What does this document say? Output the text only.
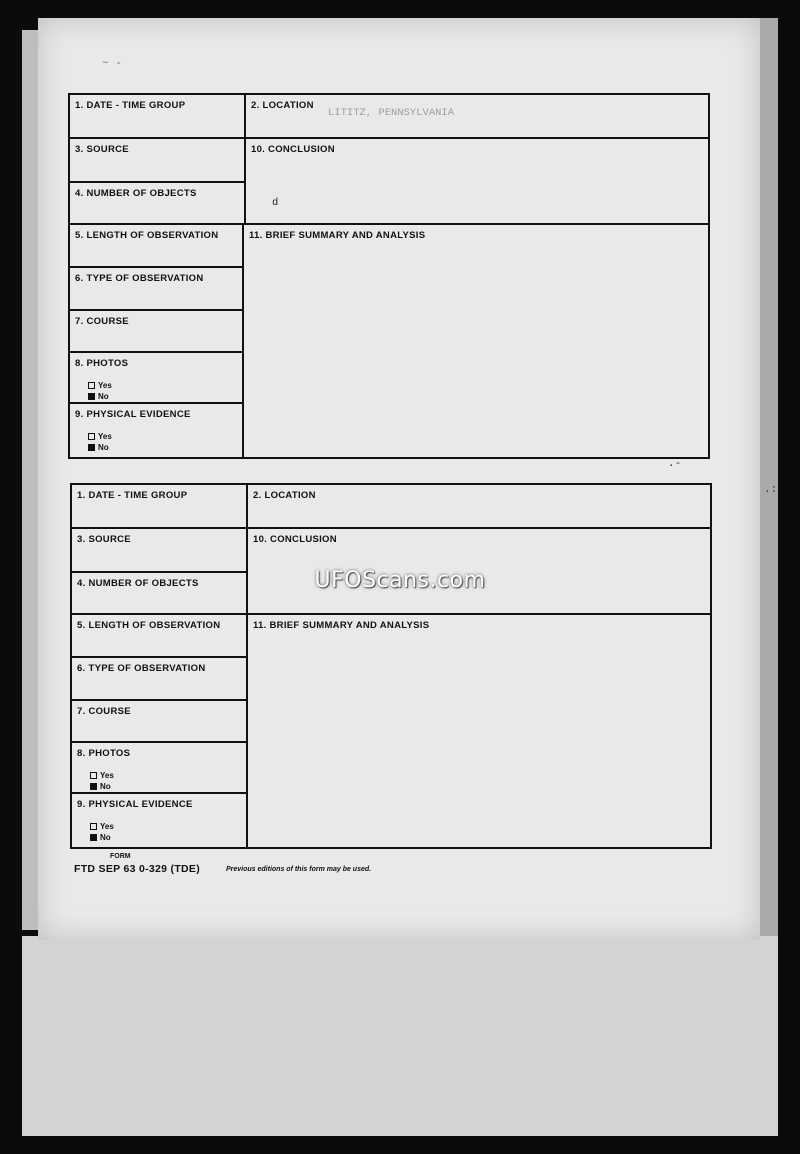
1. DATE - TIME GROUP	2. LOCATION
LITITZ, PENNSYLVANIA
3. SOURCE	10. CONCLUSION
d
4. NUMBER OF OBJECTS
5. LENGTH OF OBSERVATION	11. BRIEF SUMMARY AND ANALYSIS
6. TYPE OF OBSERVATION
7. COURSE
8. PHOTOS
Yes
No
9. PHYSICAL EVIDENCE
Yes
No
1. DATE - TIME GROUP	2. LOCATION
3. SOURCE	10. CONCLUSION
4. NUMBER OF OBJECTS
5. LENGTH OF OBSERVATION	11. BRIEF SUMMARY AND ANALYSIS
6. TYPE OF OBSERVATION
7. COURSE
8. PHOTOS
Yes
No
9. PHYSICAL EVIDENCE
Yes
No
UFOScans.com
FORM
FTD SEP 63 0-329 (TDE)	Previous editions of this form may be used.
.-
.:
~ -
